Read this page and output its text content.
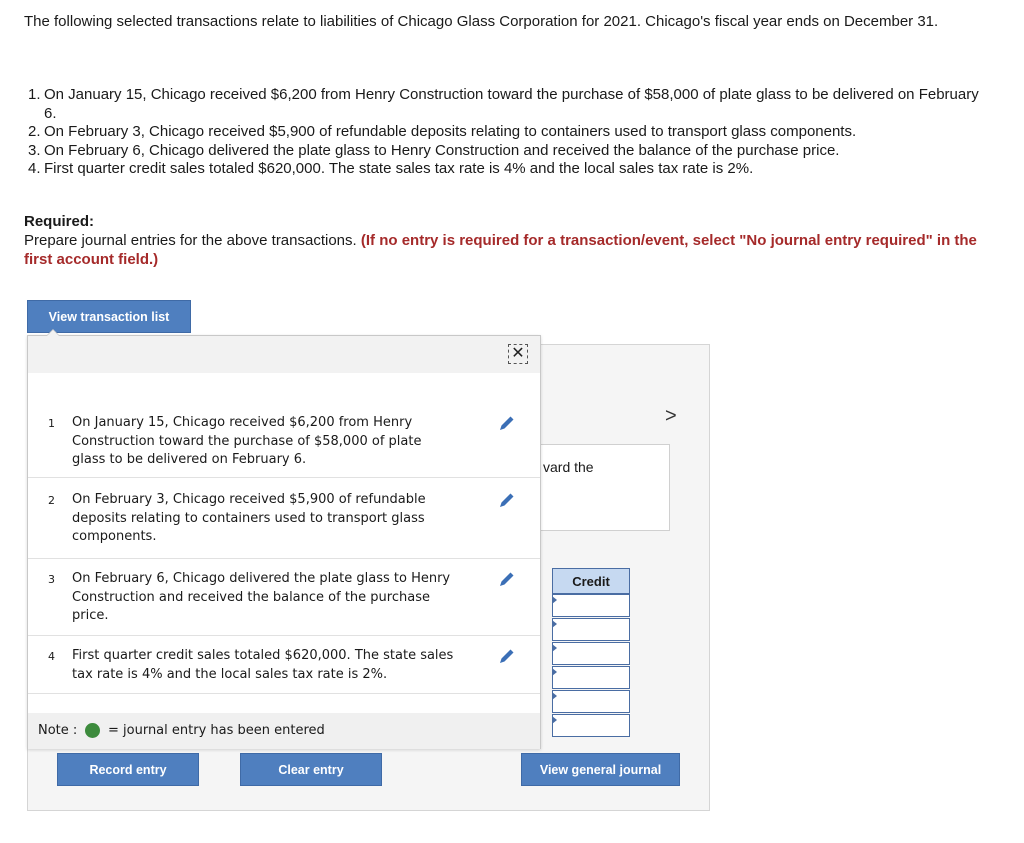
The following selected transactions relate to liabilities of Chicago Glass Corporation for 2021. Chicago's fiscal year ends on December 31.
1. On January 15, Chicago received $6,200 from Henry Construction toward the purchase of $58,000 of plate glass to be delivered on February 6.
2. On February 3, Chicago received $5,900 of refundable deposits relating to containers used to transport glass components.
3. On February 6, Chicago delivered the plate glass to Henry Construction and received the balance of the purchase price.
4. First quarter credit sales totaled $620,000. The state sales tax rate is 4% and the local sales tax rate is 2%.
Required:
Prepare journal entries for the above transactions. (If no entry is required for a transaction/event, select "No journal entry required" in the first account field.)
View transaction list
>
vard the
Credit
✕
1 On January 15, Chicago received $6,200 from Henry Construction toward the purchase of $58,000 of plate glass to be delivered on February 6.
2 On February 3, Chicago received $5,900 of refundable deposits relating to containers used to transport glass components.
3 On February 6, Chicago delivered the plate glass to Henry Construction and received the balance of the purchase price.
4 First quarter credit sales totaled $620,000. The state sales tax rate is 4% and the local sales tax rate is 2%.
Note : = journal entry has been entered
Record entry	Clear entry	View general journal
